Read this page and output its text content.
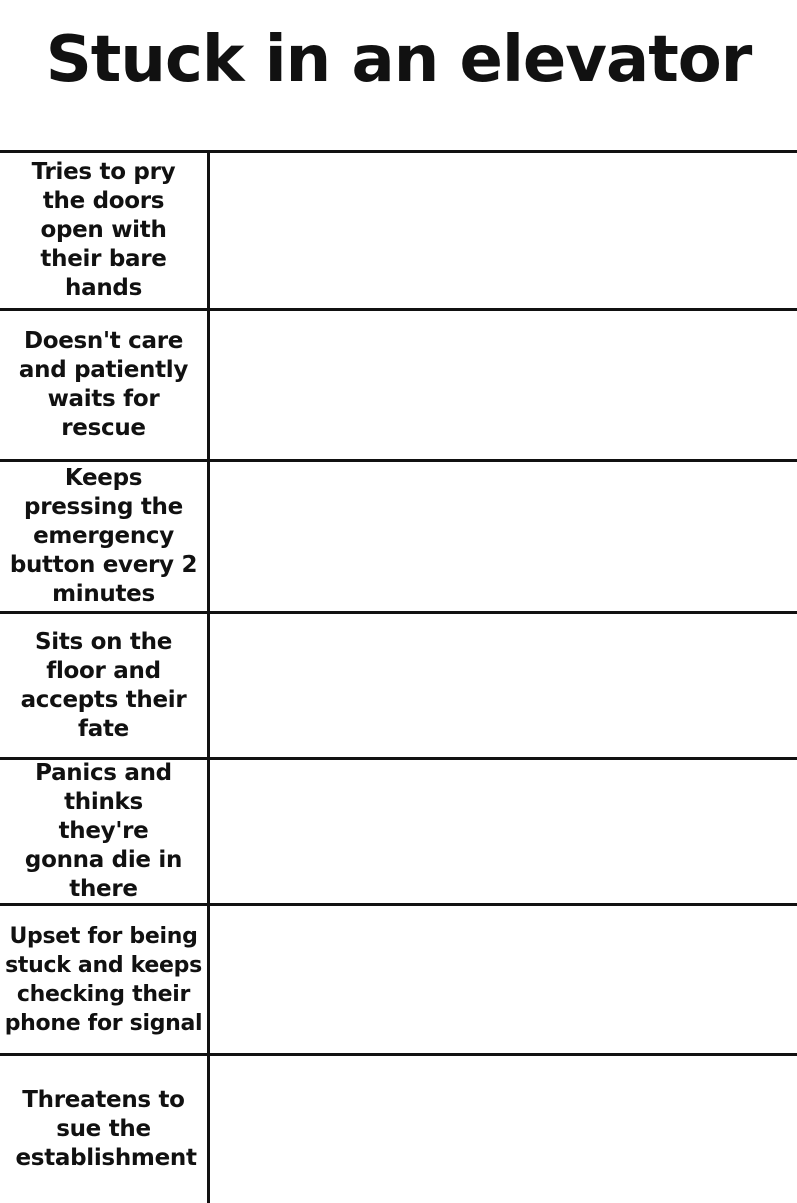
Stuck in an elevator
Tries to pry the doors open with their bare hands
Doesn't care and patiently waits for rescue
Keeps pressing the emergency button every 2 minutes
Sits on the floor and accepts their fate
Panics and thinks they're gonna die in there
Upset for being stuck and keeps checking their phone for signal
Threatens to sue the establishment
